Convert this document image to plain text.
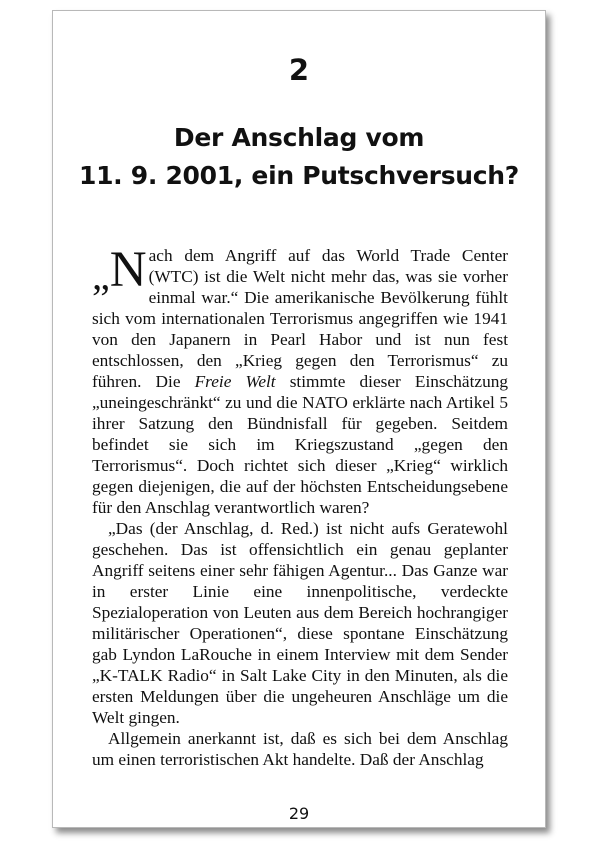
2
Der Anschlag vom
11. 9. 2001, ein Putschversuch?

„ N ach dem Angriff auf das World Trade Center (WTC) ist die Welt nicht mehr das, was sie vorher einmal war.“ Die amerikanische Bevölkerung fühlt sich vom internationalen Terrorismus angegriffen wie 1941 von den Japanern in Pearl Habor und ist nun fest entschlossen, den „Krieg gegen den Terrorismus“ zu führen. Die Freie Welt stimmte dieser Einschätzung „uneingeschränkt“ zu und die NATO erklärte nach Artikel 5 ihrer Satzung den Bündnisfall für gegeben. Seitdem befindet sie sich im Kriegszustand „gegen den Terrorismus“. Doch richtet sich dieser „Krieg“ wirklich gegen diejenigen, die auf der höchsten Entscheidungsebene für den Anschlag verantwortlich waren?

„Das (der Anschlag, d. Red.) ist nicht aufs Geratewohl geschehen. Das ist offensichtlich ein genau geplanter Angriff seitens einer sehr fähigen Agentur... Das Ganze war in erster Linie eine innenpolitische, verdeckte Spezialoperation von Leuten aus dem Bereich hochrangiger militärischer Operationen“, diese spontane Einschätzung gab Lyndon LaRouche in einem Interview mit dem Sender „K-TALK Radio“ in Salt Lake City in den Minuten, als die ersten Meldungen über die ungeheuren Anschläge um die Welt gingen.

Allgemein anerkannt ist, daß es sich bei dem Anschlag um einen terroristischen Akt handelte. Daß der Anschlag

29
